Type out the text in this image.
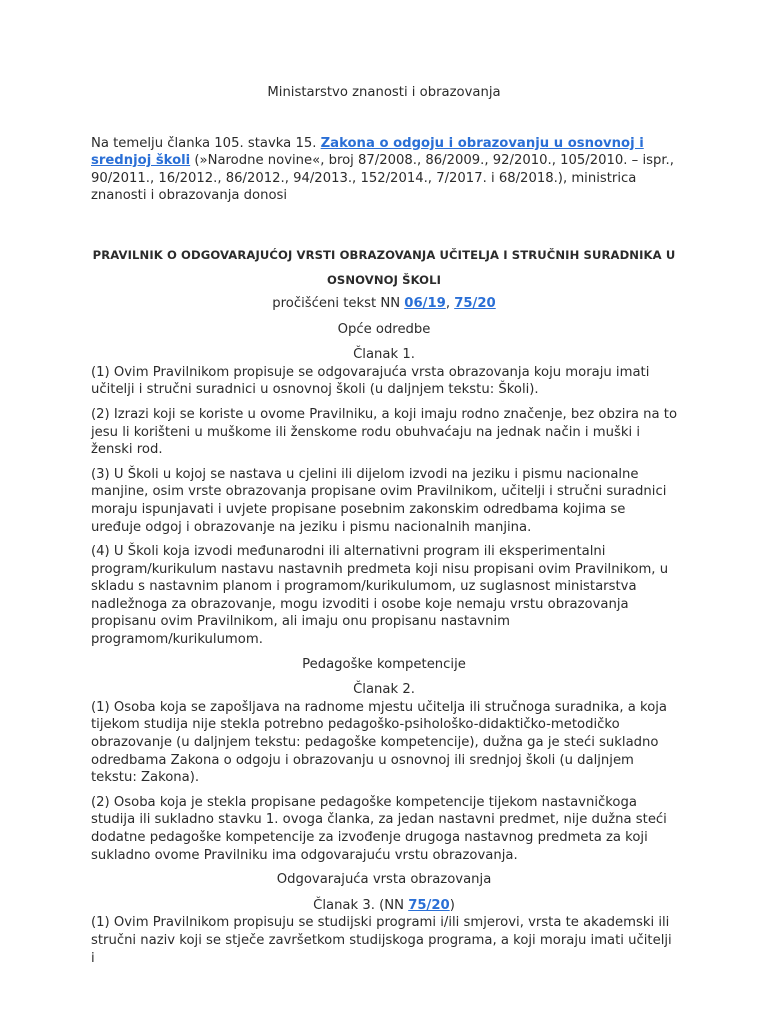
Ministarstvo znanosti i obrazovanja
Na temelju članka 105. stavka 15. Zakona o odgoju i obrazovanju u osnovnoj i srednjoj školi (»Narodne novine«, broj 87/2008., 86/2009., 92/2010., 105/2010. – ispr., 90/2011., 16/2012., 86/2012., 94/2013., 152/2014., 7/2017. i 68/2018.), ministrica znanosti i obrazovanja donosi
PRAVILNIK O ODGOVARAJUĆOJ VRSTI OBRAZOVANJA UČITELJA I STRUČNIH SURADNIKA U OSNOVNOJ ŠKOLI
pročišćeni tekst NN 06/19, 75/20
Opće odredbe
Članak 1.

(1) Ovim Pravilnikom propisuje se odgovarajuća vrsta obrazovanja koju moraju imati učitelji i stručni suradnici u osnovnoj školi (u daljnjem tekstu: Školi).

(2) Izrazi koji se koriste u ovome Pravilniku, a koji imaju rodno značenje, bez obzira na to jesu li korišteni u muškome ili ženskome rodu obuhvaćaju na jednak način i muški i ženski rod.

(3) U Školi u kojoj se nastava u cjelini ili dijelom izvodi na jeziku i pismu nacionalne manjine, osim vrste obrazovanja propisane ovim Pravilnikom, učitelji i stručni suradnici moraju ispunjavati i uvjete propisane posebnim zakonskim odredbama kojima se uređuje odgoj i obrazovanje na jeziku i pismu nacionalnih manjina.

(4) U Školi koja izvodi međunarodni ili alternativni program ili eksperimentalni program/kurikulum nastavu nastavnih predmeta koji nisu propisani ovim Pravilnikom, u skladu s nastavnim planom i programom/kurikulumom, uz suglasnost ministarstva nadležnoga za obrazovanje, mogu izvoditi i osobe koje nemaju vrstu obrazovanja propisanu ovim Pravilnikom, ali imaju onu propisanu nastavnim programom/kurikulumom.

Pedagoške kompetencije
Članak 2.

(1) Osoba koja se zapošljava na radnome mjestu učitelja ili stručnoga suradnika, a koja tijekom studija nije stekla potrebno pedagoško-psihološko-didaktičko-metodičko obrazovanje (u daljnjem tekstu: pedagoške kompetencije), dužna ga je steći sukladno odredbama Zakona o odgoju i obrazovanju u osnovnoj ili srednjoj školi (u daljnjem tekstu: Zakona).

(2) Osoba koja je stekla propisane pedagoške kompetencije tijekom nastavničkoga studija ili sukladno stavku 1. ovoga članka, za jedan nastavni predmet, nije dužna steći dodatne pedagoške kompetencije za izvođenje drugoga nastavnog predmeta za koji sukladno ovome Pravilniku ima odgovarajuću vrstu obrazovanja.

Odgovarajuća vrsta obrazovanja
Članak 3. (NN 75/20)

(1) Ovim Pravilnikom propisuju se studijski programi i/ili smjerovi, vrsta te akademski ili stručni naziv koji se stječe završetkom studijskoga programa, a koji moraju imati učitelji i
